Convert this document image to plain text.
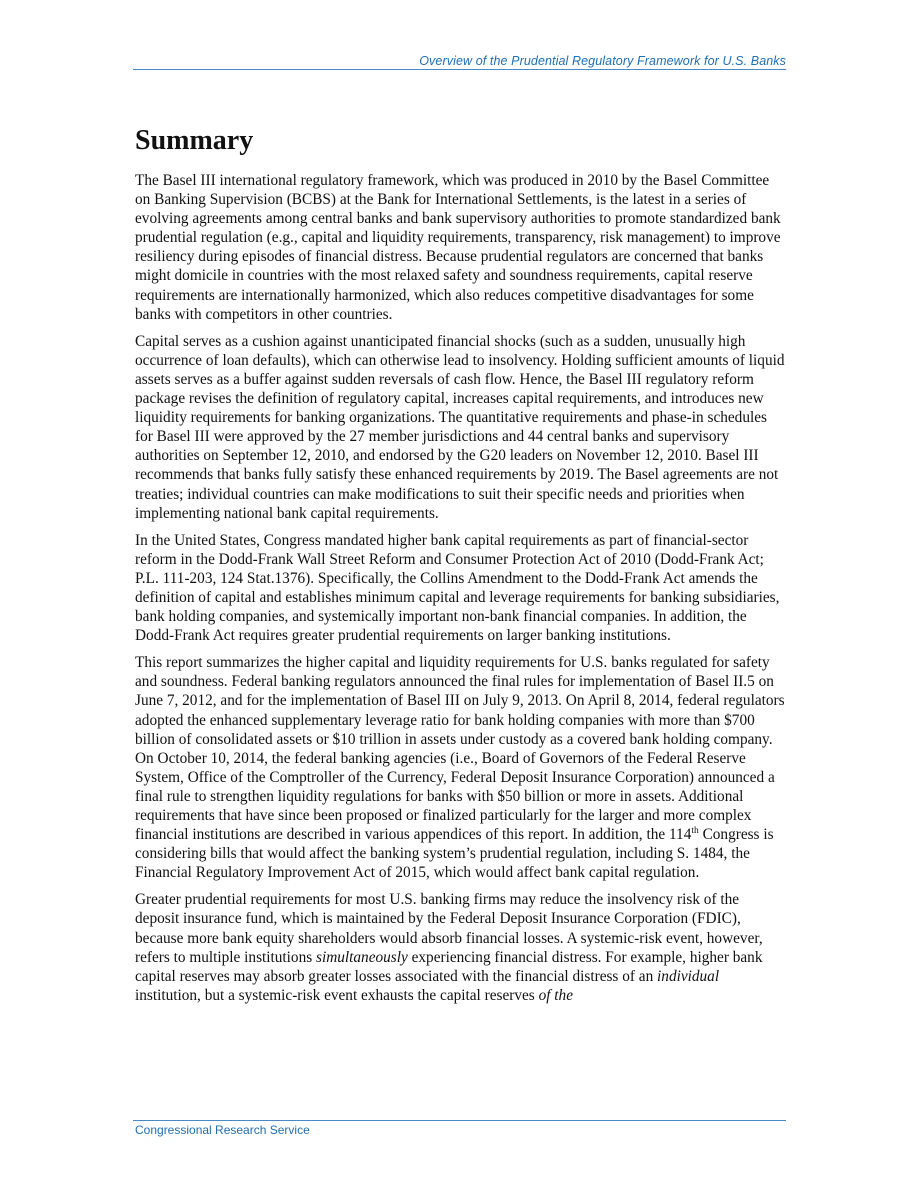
Overview of the Prudential Regulatory Framework for U.S. Banks
Summary

The Basel III international regulatory framework, which was produced in 2010 by the Basel Committee on Banking Supervision (BCBS) at the Bank for International Settlements, is the latest in a series of evolving agreements among central banks and bank supervisory authorities to promote standardized bank prudential regulation (e.g., capital and liquidity requirements, transparency, risk management) to improve resiliency during episodes of financial distress. Because prudential regulators are concerned that banks might domicile in countries with the most relaxed safety and soundness requirements, capital reserve requirements are internationally harmonized, which also reduces competitive disadvantages for some banks with competitors in other countries.

Capital serves as a cushion against unanticipated financial shocks (such as a sudden, unusually high occurrence of loan defaults), which can otherwise lead to insolvency. Holding sufficient amounts of liquid assets serves as a buffer against sudden reversals of cash flow. Hence, the Basel III regulatory reform package revises the definition of regulatory capital, increases capital requirements, and introduces new liquidity requirements for banking organizations. The quantitative requirements and phase-in schedules for Basel III were approved by the 27 member jurisdictions and 44 central banks and supervisory authorities on September 12, 2010, and endorsed by the G20 leaders on November 12, 2010. Basel III recommends that banks fully satisfy these enhanced requirements by 2019. The Basel agreements are not treaties; individual countries can make modifications to suit their specific needs and priorities when implementing national bank capital requirements.

In the United States, Congress mandated higher bank capital requirements as part of financial-sector reform in the Dodd-Frank Wall Street Reform and Consumer Protection Act of 2010 (Dodd-Frank Act; P.L. 111-203, 124 Stat.1376). Specifically, the Collins Amendment to the Dodd-Frank Act amends the definition of capital and establishes minimum capital and leverage requirements for banking subsidiaries, bank holding companies, and systemically important non-bank financial companies. In addition, the Dodd-Frank Act requires greater prudential requirements on larger banking institutions.

This report summarizes the higher capital and liquidity requirements for U.S. banks regulated for safety and soundness. Federal banking regulators announced the final rules for implementation of Basel II.5 on June 7, 2012, and for the implementation of Basel III on July 9, 2013. On April 8, 2014, federal regulators adopted the enhanced supplementary leverage ratio for bank holding companies with more than $700 billion of consolidated assets or $10 trillion in assets under custody as a covered bank holding company. On October 10, 2014, the federal banking agencies (i.e., Board of Governors of the Federal Reserve System, Office of the Comptroller of the Currency, Federal Deposit Insurance Corporation) announced a final rule to strengthen liquidity regulations for banks with $50 billion or more in assets. Additional requirements that have since been proposed or finalized particularly for the larger and more complex financial institutions are described in various appendices of this report. In addition, the 114th Congress is considering bills that would affect the banking system’s prudential regulation, including S. 1484, the Financial Regulatory Improvement Act of 2015, which would affect bank capital regulation.

Greater prudential requirements for most U.S. banking firms may reduce the insolvency risk of the deposit insurance fund, which is maintained by the Federal Deposit Insurance Corporation (FDIC), because more bank equity shareholders would absorb financial losses. A systemic-risk event, however, refers to multiple institutions simultaneously experiencing financial distress. For example, higher bank capital reserves may absorb greater losses associated with the financial distress of an individual institution, but a systemic-risk event exhausts the capital reserves of the

Congressional Research Service
